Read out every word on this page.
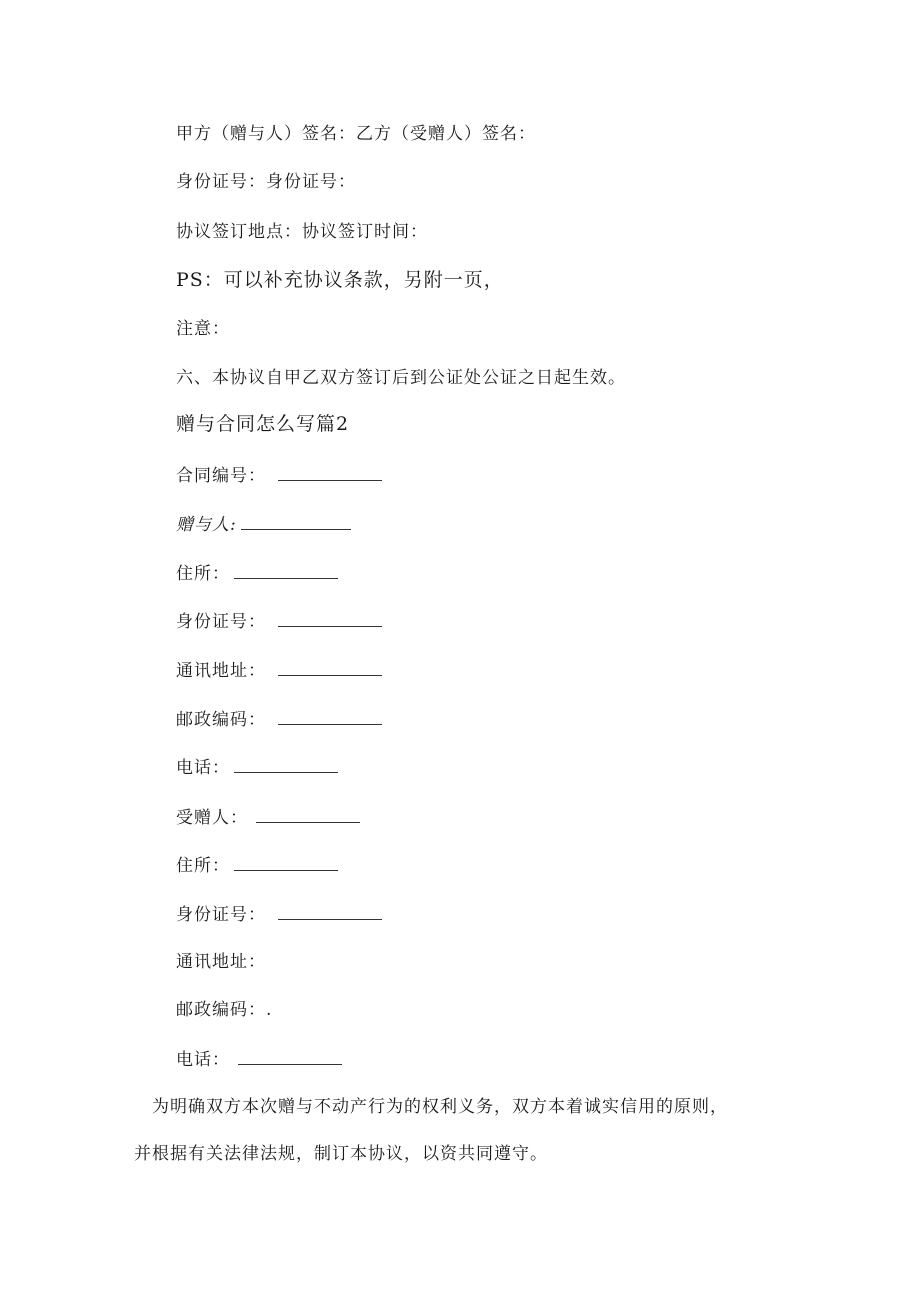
甲方（赠与人）签名：乙方（受赠人）签名：
身份证号：身份证号：
协议签订地点：协议签订时间：
PS：可以补充协议条款，另附一页，
注意：
六、本协议自甲乙双方签订后到公证处公证之日起生效。
赠与合同怎么写篇2
合同编号：
赠与人:
住所：
身份证号：
通讯地址：
邮政编码：
电话：
受赠人：
住所：
身份证号：
通讯地址：
邮政编码：.
电话：
　为明确双方本次赠与不动产行为的权利义务，双方本着诚实信用的原则，
并根据有关法律法规，制订本协议，以资共同遵守。
